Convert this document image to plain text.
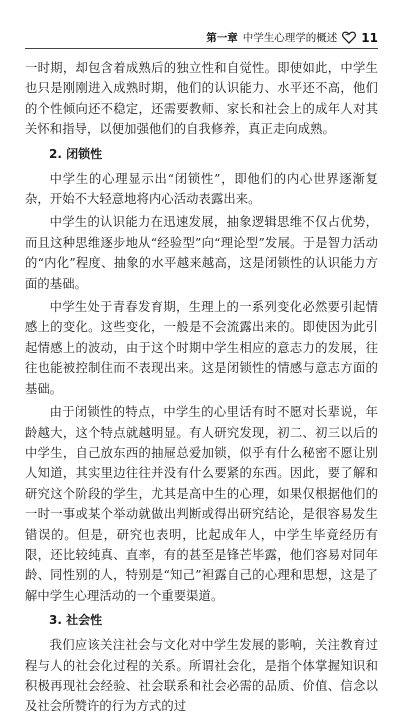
第一章 中学生心理学的概述 11

一时期，却包含着成熟后的独立性和自觉性。即使如此，中学生也只是刚刚进入成熟时期，他们的认识能力、水平还不高，他们的个性倾向还不稳定，还需要教师、家长和社会上的成年人对其关怀和指导，以便加强他们的自我修养，真正走向成熟。

2. 闭锁性

中学生的心理显示出“闭锁性”，即他们的内心世界逐渐复杂，开始不大轻意地将内心活动表露出来。

中学生的认识能力在迅速发展，抽象逻辑思维不仅占优势，而且这种思维逐步地从“经验型”向“理论型”发展。于是智力活动的“内化”程度、抽象的水平越来越高，这是闭锁性的认识能力方面的基础。

中学生处于青春发育期，生理上的一系列变化必然要引起情感上的变化。这些变化，一般是不会流露出来的。即使因为此引起情感上的波动，由于这个时期中学生相应的意志力的发展，往往也能被控制住而不表现出来。这是闭锁性的情感与意志方面的基础。

由于闭锁性的特点，中学生的心里话有时不愿对长辈说，年龄越大，这个特点就越明显。有人研究发现，初二、初三以后的中学生，自己放东西的抽屉总爱加锁，似乎有什么秘密不愿让别人知道，其实里边往往并没有什么要紧的东西。因此，要了解和研究这个阶段的学生，尤其是高中生的心理，如果仅根据他们的一时一事或某个举动就做出判断或得出研究结论，是很容易发生错误的。但是，研究也表明，比起成年人，中学生毕竟经历有限，还比较纯真、直率，有的甚至是锋芒毕露，他们容易对同年龄、同性别的人，特别是“知己”袒露自己的心理和思想，这是了解中学生心理活动的一个重要渠道。

3. 社会性

我们应该关注社会与文化对中学生发展的影响，关注教育过程与人的社会化过程的关系。所谓社会化，是指个体掌握知识和积极再现社会经验、社会联系和社会必需的品质、价值、信念以及社会所赞许的行为方式的过
